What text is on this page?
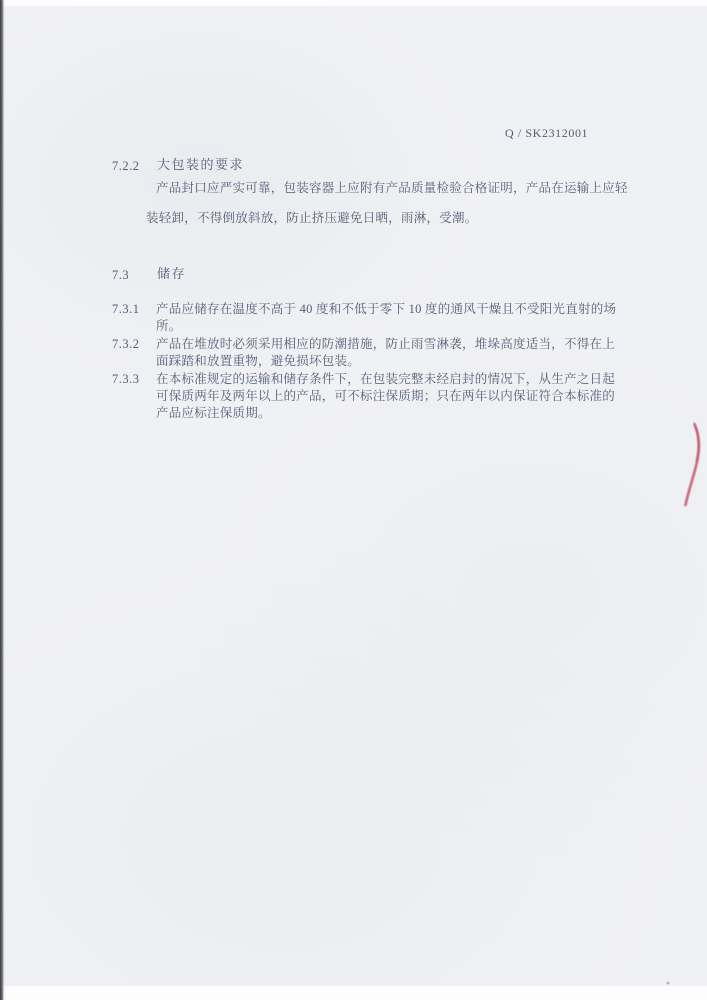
Q / SK2312001
7.2.2 大包装的要求
产品封口应严实可靠，包装容器上应附有产品质量检验合格证明，产品在运输上应轻
装轻卸，不得倒放斜放，防止挤压避免日晒，雨淋，受潮。
7.3 储存
7.3.1 产品应储存在温度不高于 40 度和不低于零下 10 度的通风干燥且不受阳光直射的场
所。
7.3.2 产品在堆放时必须采用相应的防潮措施，防止雨雪淋袭，堆垛高度适当，不得在上
面踩踏和放置重物，避免损坏包装。
7.3.3 在本标准规定的运输和储存条件下，在包装完整未经启封的情况下，从生产之日起
可保质两年及两年以上的产品，可不标注保质期；只在两年以内保证符合本标准的
产品应标注保质期。
